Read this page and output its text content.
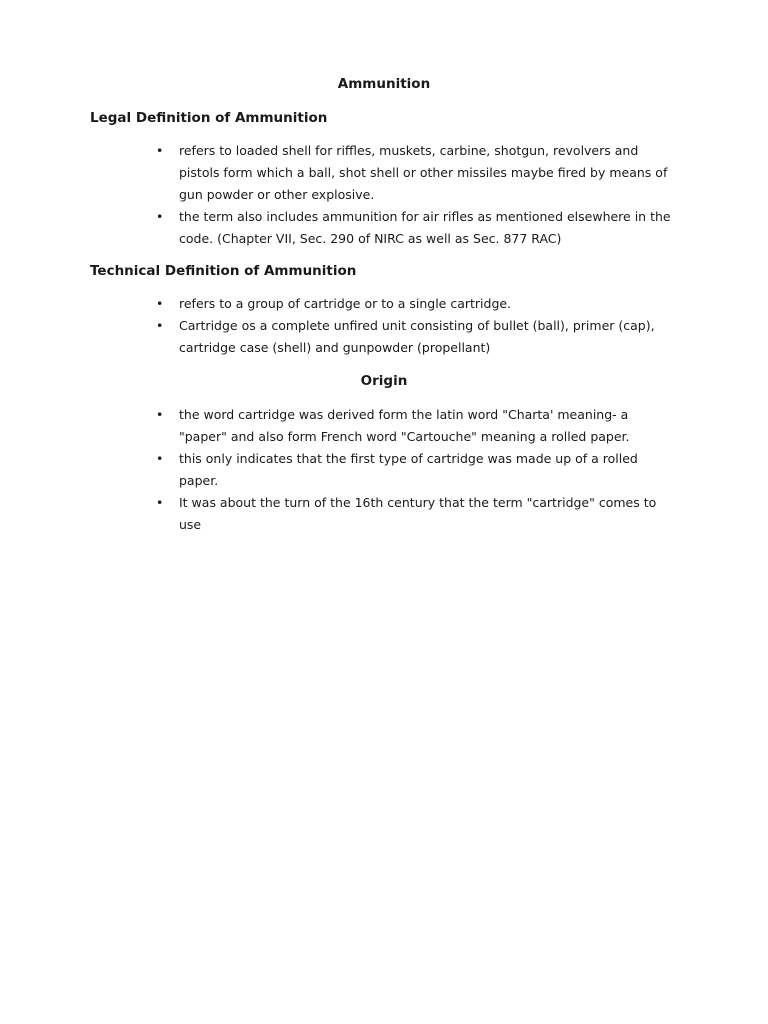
Ammunition
Legal Definition of Ammunition
• refers to loaded shell for riffles, muskets, carbine, shotgun, revolvers and pistols form which a ball, shot shell or other missiles maybe fired by means of gun powder or other explosive.
• the term also includes ammunition for air rifles as mentioned elsewhere in the code. (Chapter VII, Sec. 290 of NIRC as well as Sec. 877 RAC)
Technical Definition of Ammunition
• refers to a group of cartridge or to a single cartridge.
• Cartridge os a complete unfired unit consisting of bullet (ball), primer (cap), cartridge case (shell) and gunpowder (propellant)
Origin
• the word cartridge was derived form the latin word "Charta' meaning- a "paper" and also form French word "Cartouche" meaning a rolled paper.
• this only indicates that the first type of cartridge was made up of a rolled paper.
• It was about the turn of the 16th century that the term "cartridge" comes to use
